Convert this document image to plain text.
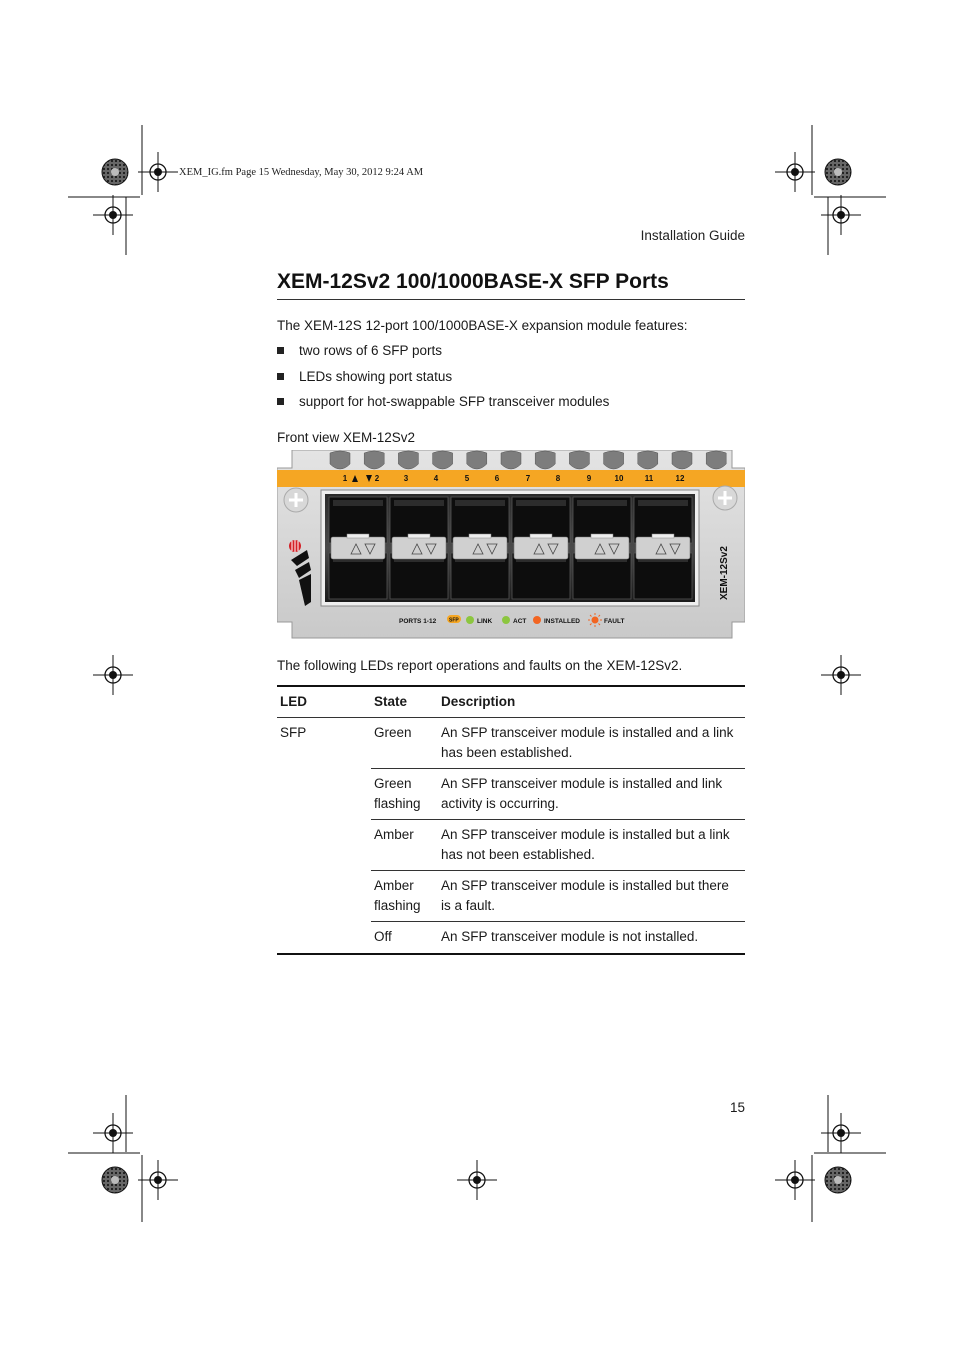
XEM_IG.fm Page 15 Wednesday, May 30, 2012 9:24 AM
Installation Guide
XEM-12Sv2 100/1000BASE-X SFP Ports
The XEM-12S 12-port 100/1000BASE-X expansion module features:
two rows of 6 SFP ports
LEDs showing port status
support for hot-swappable SFP transceiver modules
Front view XEM-12Sv2
1	2	3	4	5	6	7	8	9	10	11	12
XEM-12Sv2
PORTS 1-12	SFP	LINK	ACT	INSTALLED	FAULT
The following LEDs report operations and faults on the XEM-12Sv2.
LED	State	Description
SFP	Green	An SFP transceiver module is installed and a link has been established.
	Green flashing	An SFP transceiver module is installed and link activity is occurring.
	Amber	An SFP transceiver module is installed but a link has not been established.
	Amber flashing	An SFP transceiver module is installed but there is a fault.
	Off	An SFP transceiver module is not installed.
15
